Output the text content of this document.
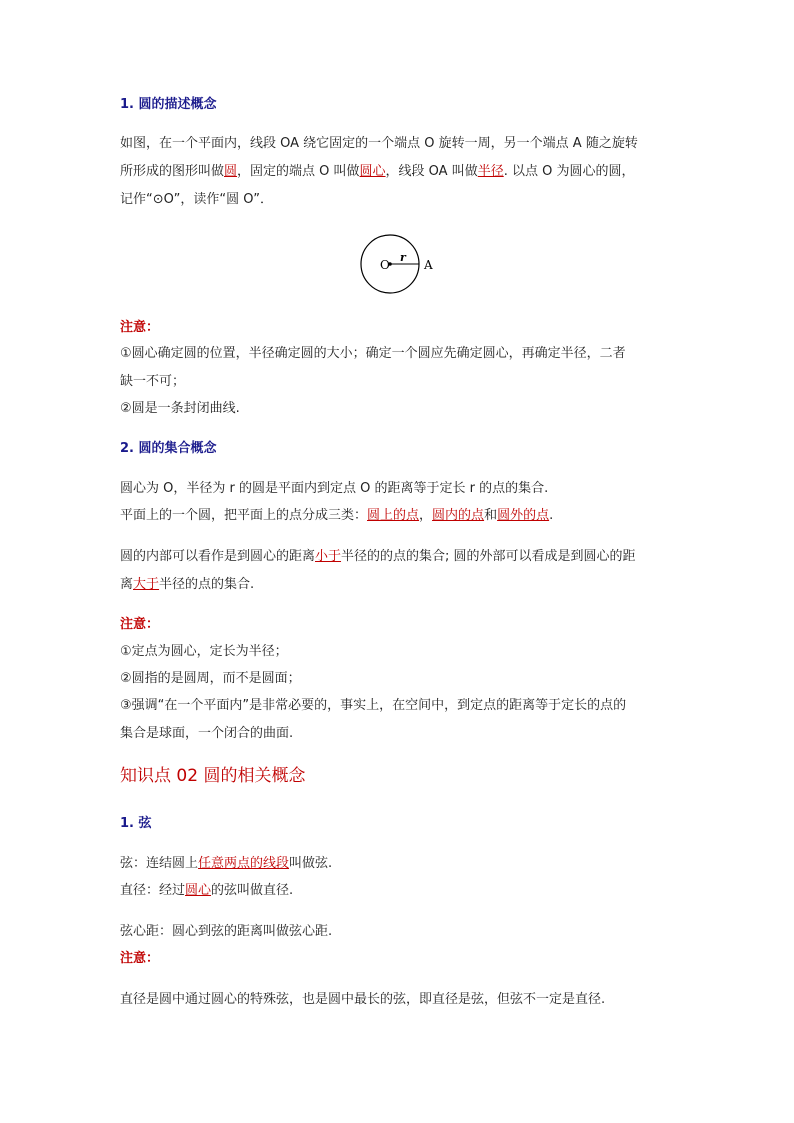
1. 圆的描述概念
如图，在一个平面内，线段 OA 绕它固定的一个端点 O 旋转一周，另一个端点 A 随之旋转
所形成的图形叫做圆，固定的端点 O 叫做圆心，线段 OA 叫做半径. 以点 O 为圆心的圆，
记作“⊙O”，读作“圆 O”．
O
r
A
注意：
①圆心确定圆的位置，半径确定圆的大小；确定一个圆应先确定圆心，再确定半径，二者
缺一不可；
②圆是一条封闭曲线.
2. 圆的集合概念
圆心为 O，半径为 r 的圆是平面内到定点 O 的距离等于定长 r 的点的集合.
平面上的一个圆，把平面上的点分成三类：圆上的点，圆内的点和圆外的点.
圆的内部可以看作是到圆心的距离小于半径的的点的集合; 圆的外部可以看成是到圆心的距
离大于半径的点的集合.
注意：
①定点为圆心，定长为半径；
②圆指的是圆周，而不是圆面；
③强调“在一个平面内”是非常必要的，事实上，在空间中，到定点的距离等于定长的点的
集合是球面，一个闭合的曲面.
知识点 02 圆的相关概念
1. 弦
弦：连结圆上任意两点的线段叫做弦.
直径：经过圆心的弦叫做直径.
弦心距：圆心到弦的距离叫做弦心距.
注意：
直径是圆中通过圆心的特殊弦，也是圆中最长的弦，即直径是弦，但弦不一定是直径.
